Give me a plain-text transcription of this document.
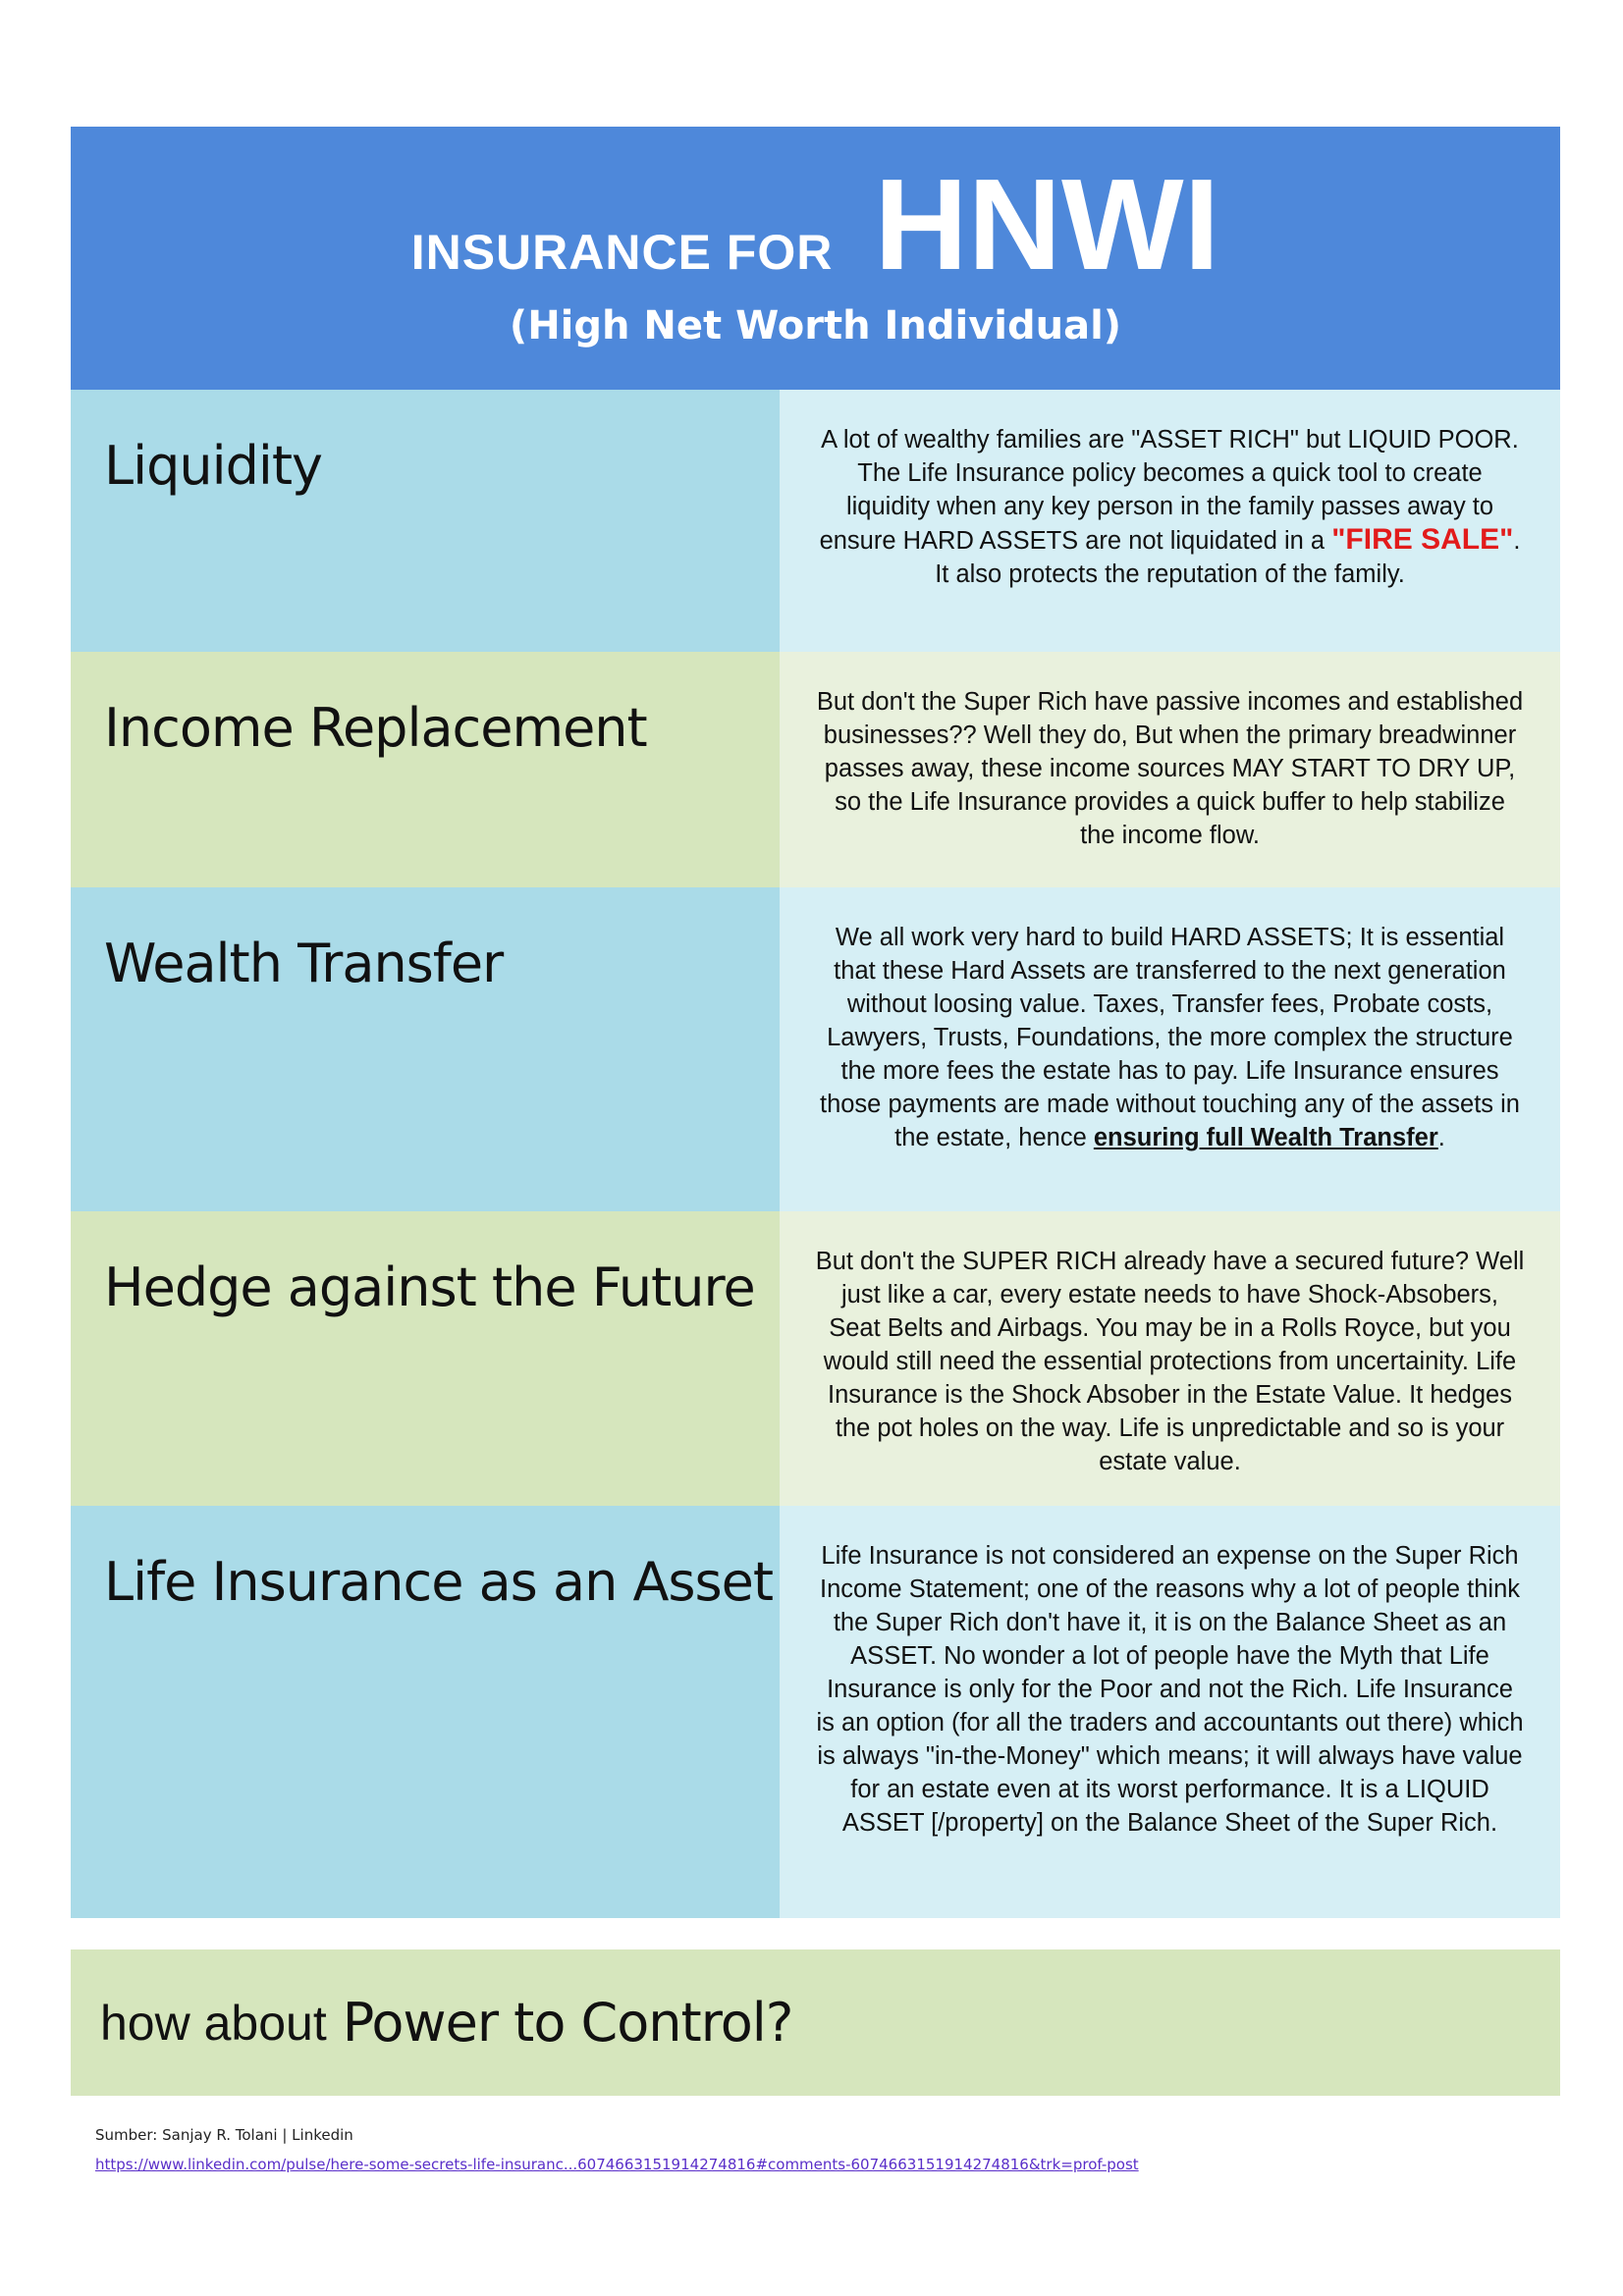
INSURANCE FOR HNWI
(High Net Worth Individual)
Liquidity	A lot of wealthy families are "ASSET RICH" but LIQUID POOR. The Life Insurance policy becomes a quick tool to create liquidity when any key person in the family passes away to ensure HARD ASSETS are not liquidated in a "FIRE SALE". It also protects the reputation of the family.
Income Replacement	But don't the Super Rich have passive incomes and established businesses?? Well they do, But when the primary breadwinner passes away, these income sources MAY START TO DRY UP, so the Life Insurance provides a quick buffer to help stabilize the income flow.
Wealth Transfer	We all work very hard to build HARD ASSETS; It is essential that these Hard Assets are transferred to the next generation without loosing value. Taxes, Transfer fees, Probate costs, Lawyers, Trusts, Foundations, the more complex the structure the more fees the estate has to pay. Life Insurance ensures those payments are made without touching any of the assets in the estate, hence ensuring full Wealth Transfer.
Hedge against the Future	But don't the SUPER RICH already have a secured future? Well just like a car, every estate needs to have Shock-Absobers, Seat Belts and Airbags. You may be in a Rolls Royce, but you would still need the essential protections from uncertainity. Life Insurance is the Shock Absober in the Estate Value. It hedges the pot holes on the way. Life is unpredictable and so is your estate value.
Life Insurance as an Asset	Life Insurance is not considered an expense on the Super Rich Income Statement; one of the reasons why a lot of people think the Super Rich don't have it, it is on the Balance Sheet as an ASSET. No wonder a lot of people have the Myth that Life Insurance is only for the Poor and not the Rich. Life Insurance is an option (for all the traders and accountants out there) which is always "in-the-Money" which means; it will always have value for an estate even at its worst performance. It is a LIQUID ASSET [/property] on the Balance Sheet of the Super Rich.
how about Power to Control?
Sumber: Sanjay R. Tolani | Linkedin
https://www.linkedin.com/pulse/here-some-secrets-life-insuranc...6074663151914274816#comments-6074663151914274816&trk=prof-post
